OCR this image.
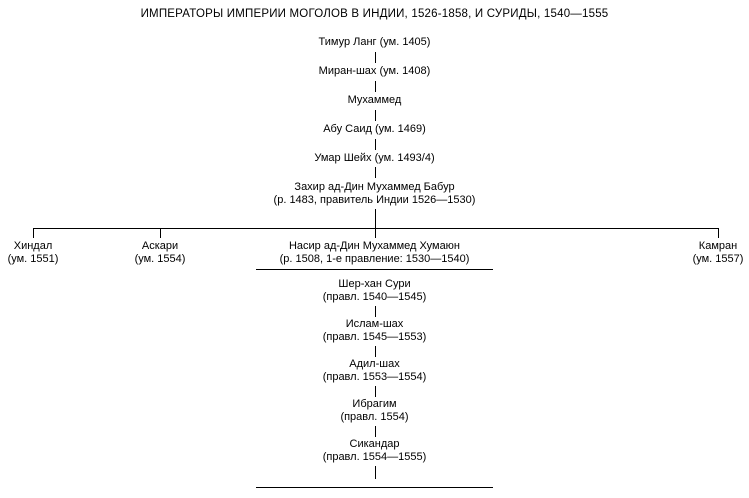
ИМПЕРАТОРЫ ИМПЕРИИ МОГОЛОВ В ИНДИИ, 1526-1858, И СУРИДЫ, 1540—1555
Тимур Ланг (ум. 1405)
Миран-шах (ум. 1408)
Мухаммед
Абу Саид (ум. 1469)
Умар Шейх (ум. 1493/4)
Захир ад-Дин Мухаммед Бабур
(р. 1483, правитель Индии 1526—1530)
Хиндал
(ум. 1551)
Аскари
(ум. 1554)
Насир ад-Дин Мухаммед Хумаюн
(р. 1508, 1-е правление: 1530—1540)
Камран
(ум. 1557)
Шер-хан Сури
(правл. 1540—1545)
Ислам-шах
(правл. 1545—1553)
Адил-шах
(правл. 1553—1554)
Ибрагим
(правл. 1554)
Сикандар
(правл. 1554—1555)
